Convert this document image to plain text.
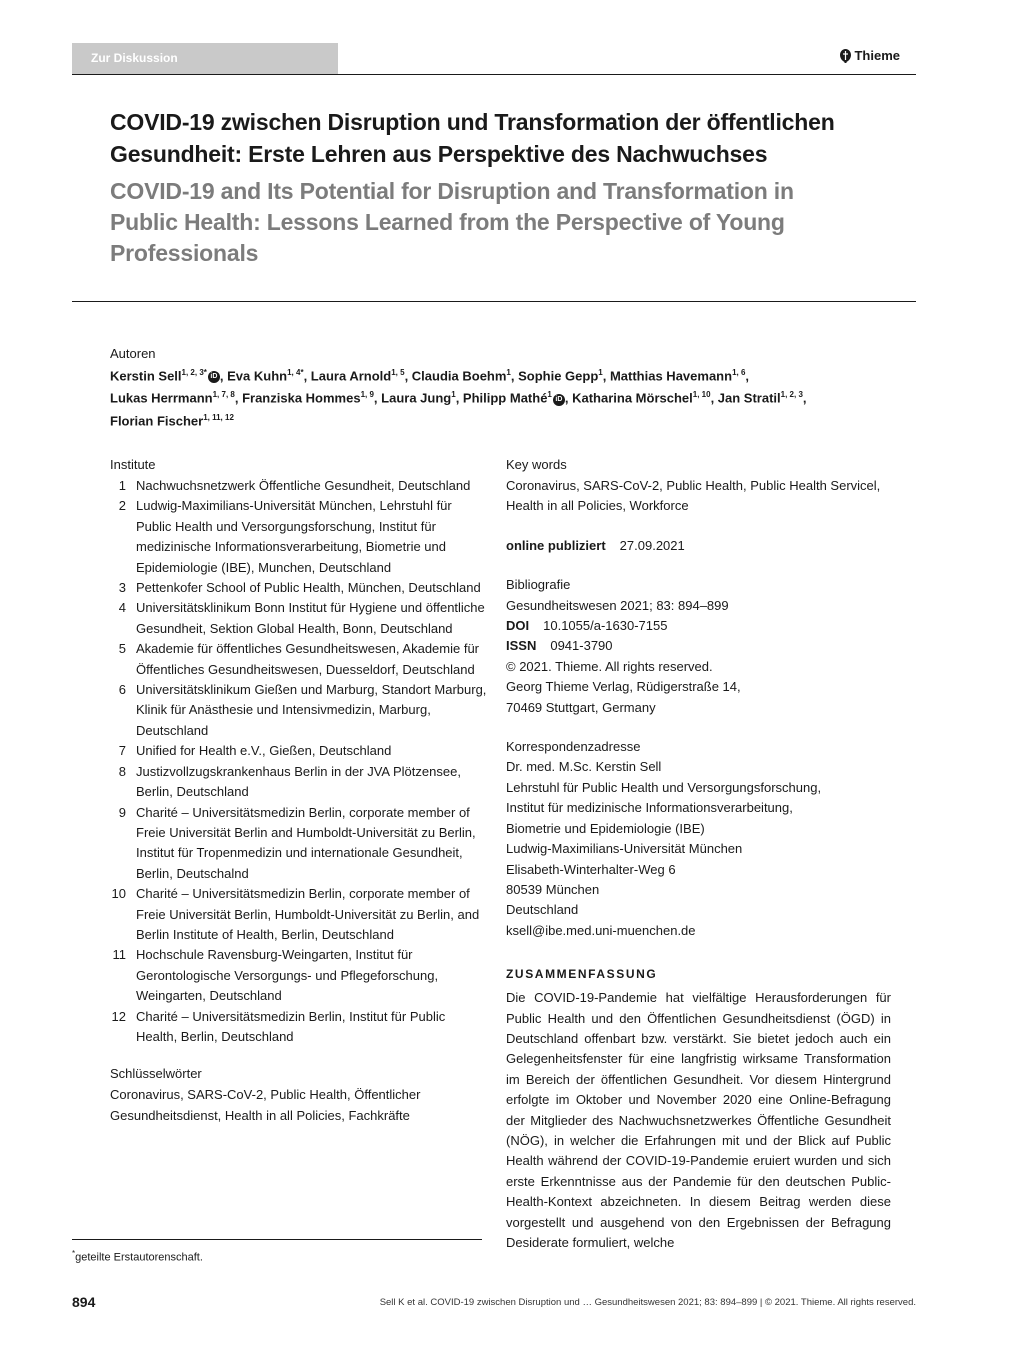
Zur Diskussion	Thieme
COVID-19 zwischen Disruption und Transformation der öffentlichen
Gesundheit: Erste Lehren aus Perspektive des Nachwuchses
COVID-19 and Its Potential for Disruption and Transformation in
Public Health: Lessons Learned from the Perspective of Young
Professionals
Autoren
Kerstin Sell$^{1, 2, 3*}$ iD , Eva Kuhn$^{1, 4*}$, Laura Arnold$^{1, 5}$, Claudia Boehm$^1$, Sophie Gepp$^1$, Matthias Havemann$^{1, 6}$,
Lukas Herrmann$^{1, 7, 8}$, Franziska Hommes$^{1, 9}$, Laura Jung$^1$, Philipp Mathé$^1$ iD , Katharina Mörschel$^{1, 10}$, Jan Stratil$^{1, 2, 3}$,
Florian Fischer$^{1, 11, 12}$
Institute
1 Nachwuchsnetzwerk Öffentliche Gesundheit, Deutschland
2 Ludwig-Maximilians-Universität München, Lehrstuhl für Public Health und Versorgungsforschung, Institut für medizinische Informationsverarbeitung, Biometrie und Epidemiologie (IBE), Munchen, Deutschland
3 Pettenkofer School of Public Health, München, Deutschland
4 Universitätsklinikum Bonn Institut für Hygiene und öffentliche Gesundheit, Sektion Global Health, Bonn, Deutschland
5 Akademie für öffentliches Gesundheitswesen, Akademie für Öffentliches Gesundheitswesen, Duesseldorf, Deutschland
6 Universitätsklinikum Gießen und Marburg, Standort Marburg, Klinik für Anästhesie und Intensivmedizin, Marburg, Deutschland
7 Unified for Health e.V., Gießen, Deutschland
8 Justizvollzugskrankenhaus Berlin in der JVA Plötzensee, Berlin, Deutschland
9 Charité – Universitätsmedizin Berlin, corporate member of Freie Universität Berlin and Humboldt-Universität zu Berlin, Institut für Tropenmedizin und internationale Gesundheit, Berlin, Deutschalnd
10 Charité – Universitätsmedizin Berlin, corporate member of Freie Universität Berlin, Humboldt-Universität zu Berlin, and Berlin Institute of Health, Berlin, Deutschland
11 Hochschule Ravensburg-Weingarten, Institut für Gerontologische Versorgungs- und Pflegeforschung, Weingarten, Deutschland
12 Charité – Universitätsmedizin Berlin, Institut für Public Health, Berlin, Deutschland
Schlüsselwörter
Coronavirus, SARS-CoV-2, Public Health, Öffentlicher Gesundheitsdienst, Health in all Policies, Fachkräfte
Key words
Coronavirus, SARS-CoV-2, Public Health, Public Health Servicel, Health in all Policies, Workforce
online publiziert 27.09.2021
Bibliografie
Gesundheitswesen 2021; 83: 894–899
DOI 10.1055/a-1630-7155
ISSN 0941-3790
© 2021. Thieme. All rights reserved.
Georg Thieme Verlag, Rüdigerstraße 14,
70469 Stuttgart, Germany
Korrespondenzadresse
Dr. med. M.Sc. Kerstin Sell
Lehrstuhl für Public Health und Versorgungsforschung,
Institut für medizinische Informationsverarbeitung,
Biometrie und Epidemiologie (IBE)
Ludwig-Maximilians-Universität München
Elisabeth-Winterhalter-Weg 6
80539 München
Deutschland
ksell@ibe.med.uni-muenchen.de
ZUSAMMENFASSUNG
Die COVID-19-Pandemie hat vielfältige Herausforderungen für Public Health und den Öffentlichen Gesundheitsdienst (ÖGD) in Deutschland offenbart bzw. verstärkt. Sie bietet jedoch auch ein Gelegenheitsfenster für eine langfristig wirksame Transformation im Bereich der öffentlichen Gesundheit. Vor diesem Hintergrund erfolgte im Oktober und November 2020 eine Online-Befragung der Mitglieder des Nachwuchsnetzwerkes Öffentliche Gesundheit (NÖG), in welcher die Erfahrungen mit und der Blick auf Public Health während der COVID-19-Pandemie eruiert wurden und sich erste Erkenntnisse aus der Pandemie für den deutschen Public-Health-Kontext abzeichneten. In diesem Beitrag werden diese vorgestellt und ausgehend von den Ergebnissen der Befragung Desiderate formuliert, welche
*geteilte Erstautorenschaft.
894	Sell K et al. COVID-19 zwischen Disruption und … Gesundheitswesen 2021; 83: 894–899 | © 2021. Thieme. All rights reserved.
